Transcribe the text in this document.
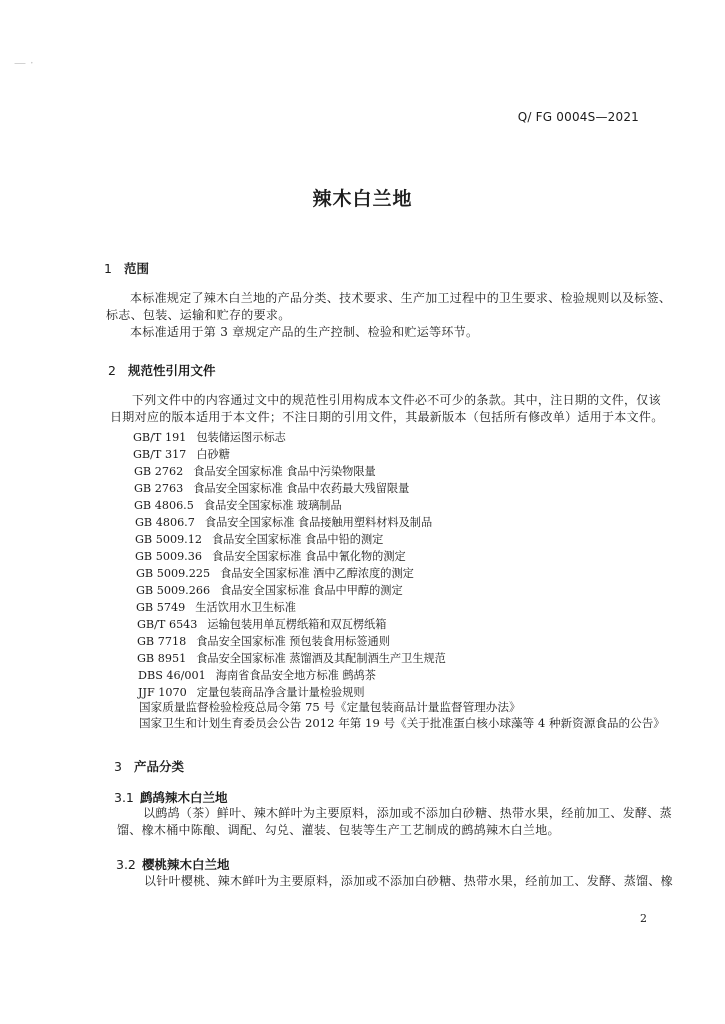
— ·
Q/ FG 0004S—2021
辣木白兰地
1 范围
本标准规定了辣木白兰地的产品分类、技术要求、生产加工过程中的卫生要求、检验规则以及标签、
标志、包装、运输和贮存的要求。
本标准适用于第 3 章规定产品的生产控制、检验和贮运等环节。
2 规范性引用文件
下列文件中的内容通过文中的规范性引用构成本文件必不可少的条款。其中，注日期的文件，仅该
日期对应的版本适用于本文件；不注日期的引用文件，其最新版本（包括所有修改单）适用于本文件。
GB/T 191 包装储运图示标志
GB/T 317 白砂糖
GB 2762 食品安全国家标准 食品中污染物限量
GB 2763 食品安全国家标准 食品中农药最大残留限量
GB 4806.5 食品安全国家标准 玻璃制品
GB 4806.7 食品安全国家标准 食品接触用塑料材料及制品
GB 5009.12 食品安全国家标准 食品中铅的测定
GB 5009.36 食品安全国家标准 食品中氰化物的测定
GB 5009.225 食品安全国家标准 酒中乙醇浓度的测定
GB 5009.266 食品安全国家标准 食品中甲醇的测定
GB 5749 生活饮用水卫生标准
GB/T 6543 运输包装用单瓦楞纸箱和双瓦楞纸箱
GB 7718 食品安全国家标准 预包装食用标签通则
GB 8951 食品安全国家标准 蒸馏酒及其配制酒生产卫生规范
DBS 46/001 海南省食品安全地方标准 鹧鸪茶
JJF 1070 定量包装商品净含量计量检验规则
国家质量监督检验检疫总局令第 75 号《定量包装商品计量监督管理办法》
国家卫生和计划生育委员会公告 2012 年第 19 号《关于批准蛋白核小球藻等 4 种新资源食品的公告》
3 产品分类
3.1 鹧鸪辣木白兰地
以鹧鸪（茶）鲜叶、辣木鲜叶为主要原料，添加或不添加白砂糖、热带水果，经前加工、发酵、蒸
馏、橡木桶中陈酿、调配、勾兑、灌装、包装等生产工艺制成的鹧鸪辣木白兰地。
3.2 樱桃辣木白兰地
以针叶樱桃、辣木鲜叶为主要原料，添加或不添加白砂糖、热带水果，经前加工、发酵、蒸馏、橡
2
